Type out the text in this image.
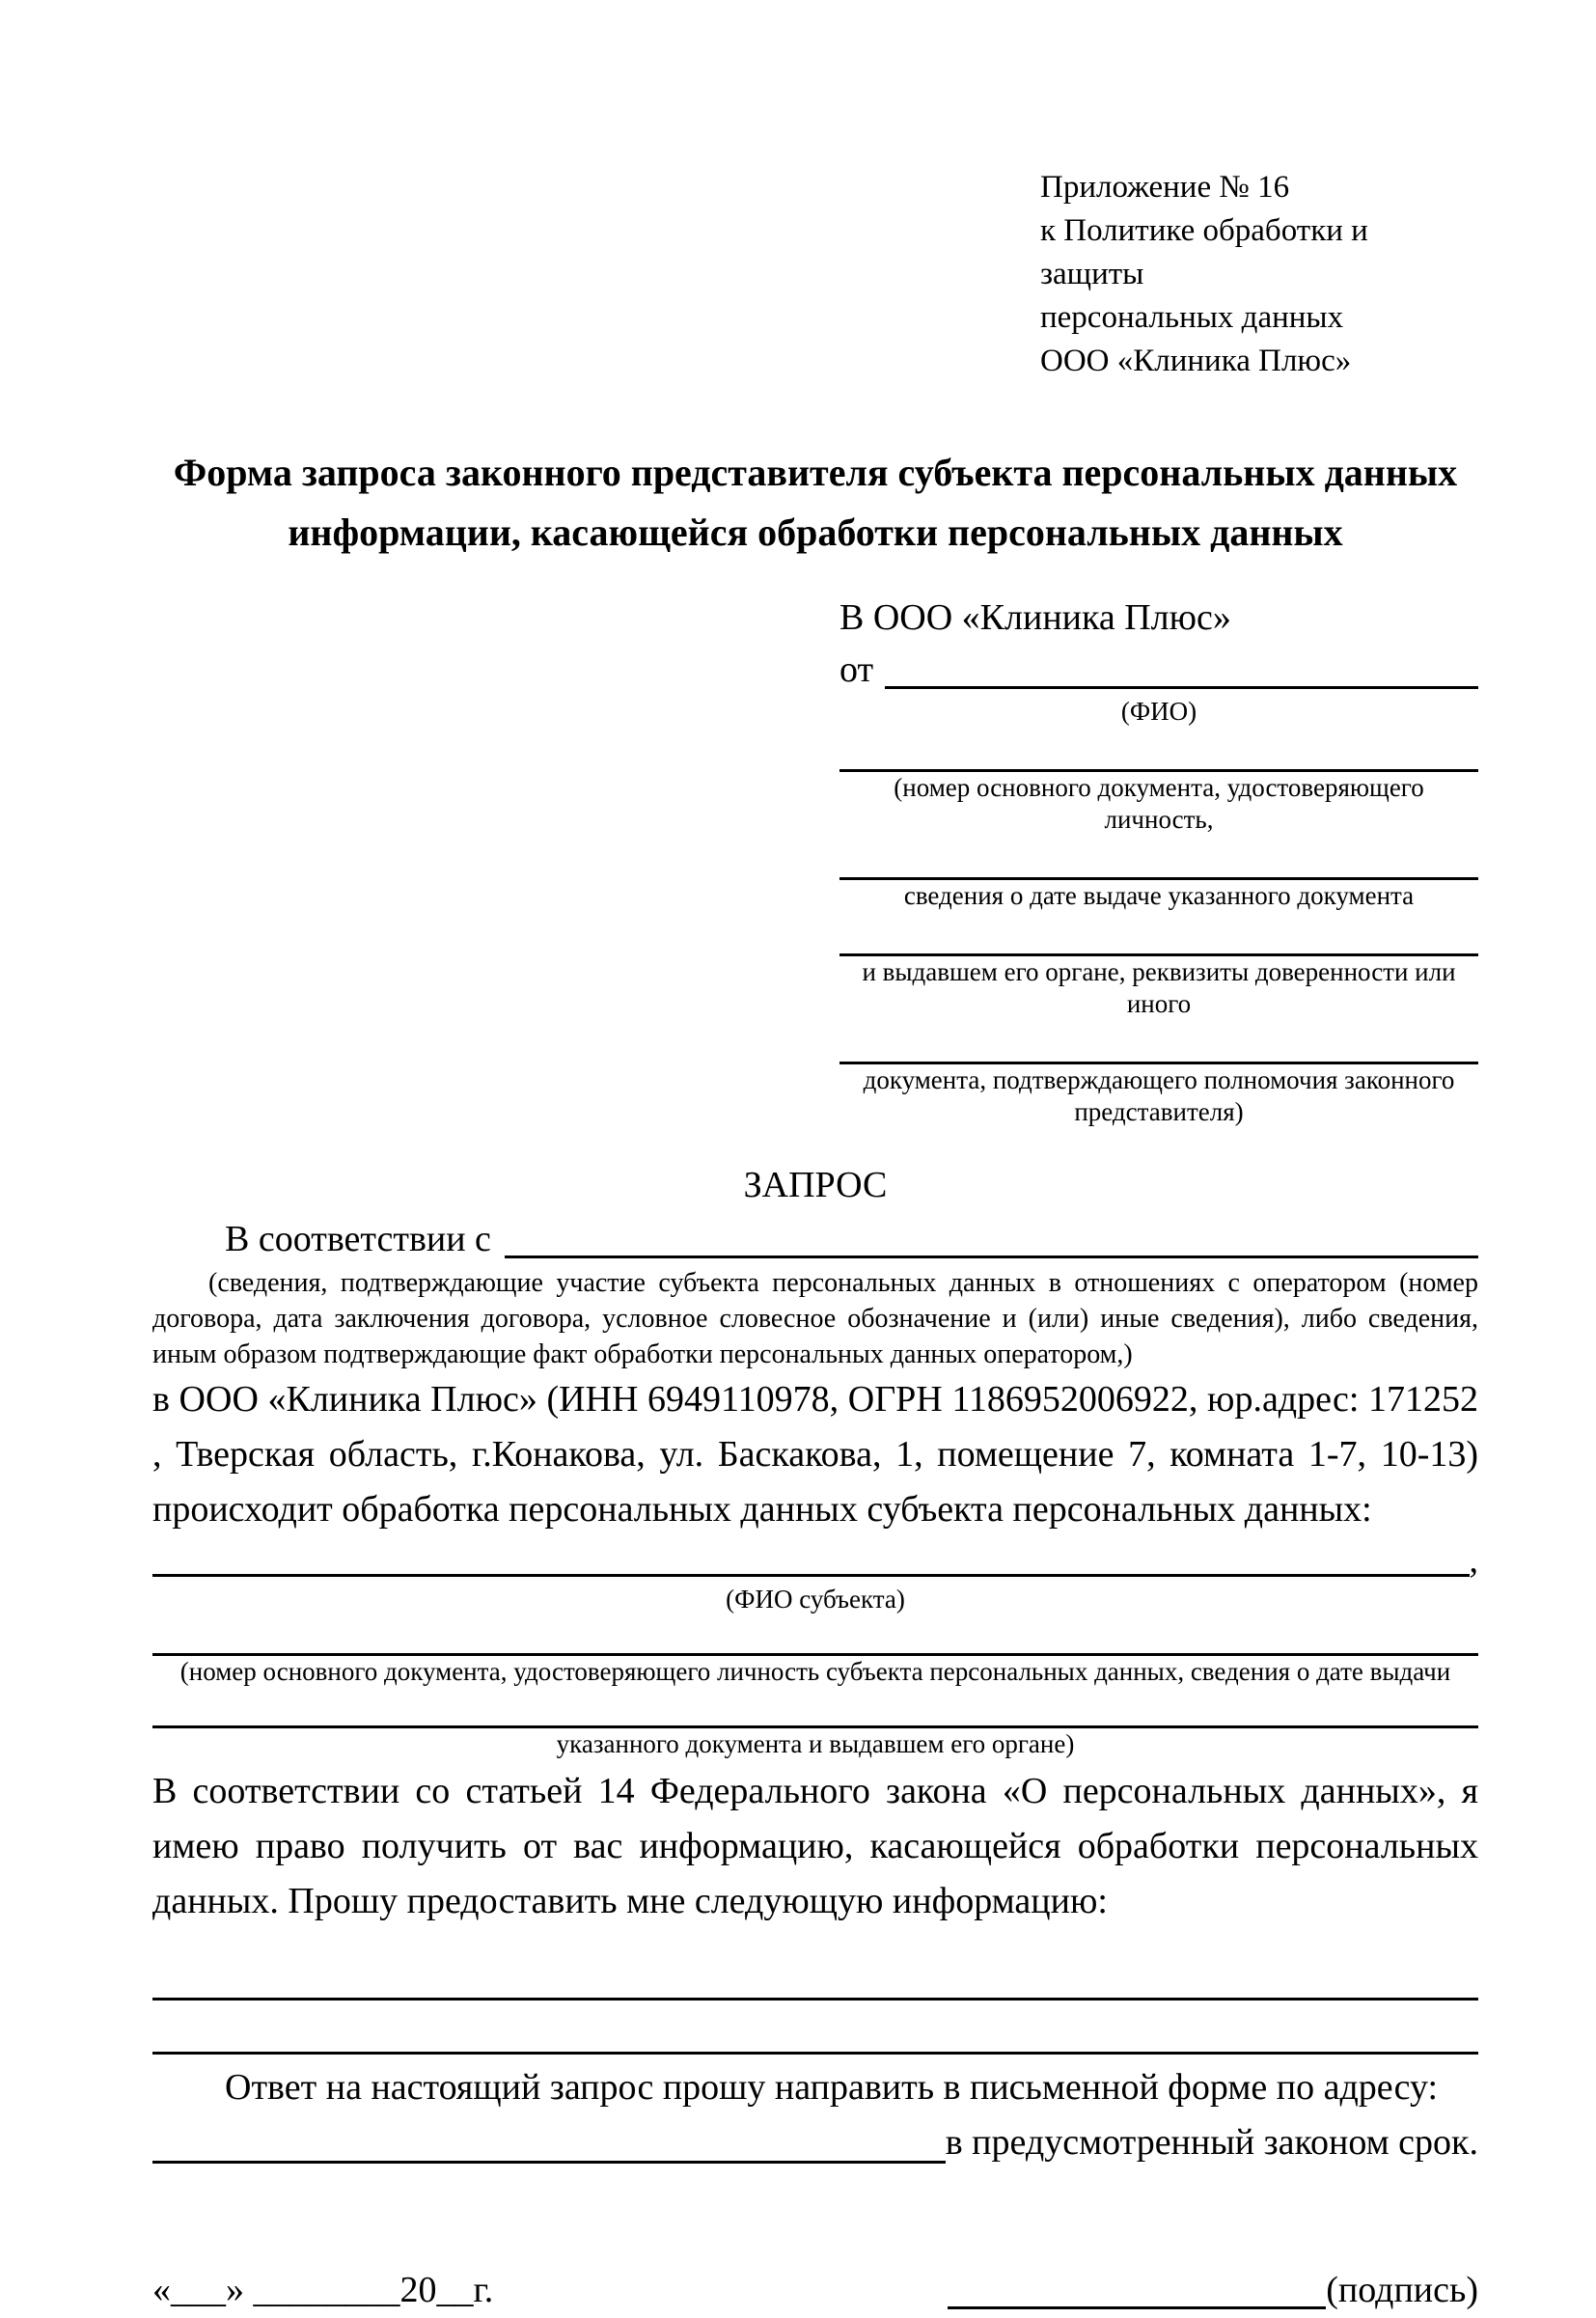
Приложение № 16
к Политике обработки и защиты
персональных данных
ООО «Клиника Плюс»
Форма запроса законного представителя субъекта персональных данных информации, касающейся обработки персональных данных
В ООО «Клиника Плюс»
от
(ФИО)
(номер основного документа, удостоверяющего личность,
сведения о дате выдаче указанного документа
и выдавшем его органе, реквизиты доверенности или иного
документа, подтверждающего полномочия законного представителя)
ЗАПРОС
В соответствии с

(сведения, подтверждающие участие субъекта персональных данных в отношениях с оператором (номер договора, дата заключения договора, условное словесное обозначение и (или) иные сведения), либо сведения, иным образом подтверждающие факт обработки персональных данных оператором,)

в ООО «Клиника Плюс» (ИНН 6949110978, ОГРН 1186952006922, юр.адрес: 171252 , Тверская область, г.Конакова, ул. Баскакова, 1, помещение 7, комната 1-7, 10-13) происходит обработка персональных данных субъекта персональных данных:

,
(ФИО субъекта)
(номер основного документа, удостоверяющего личность субъекта персональных данных, сведения о дате выдачи
указанного документа и выдавшем его органе)

В соответствии со статьей 14 Федерального закона «О персональных данных», я имею право получить от вас информацию, касающейся обработки персональных данных. Прошу предоставить мне следующую информацию:

Ответ на настоящий запрос прошу направить в письменной форме по адресу:

в предусмотренный законом срок.
«___» ________20__г.	(подпись)
